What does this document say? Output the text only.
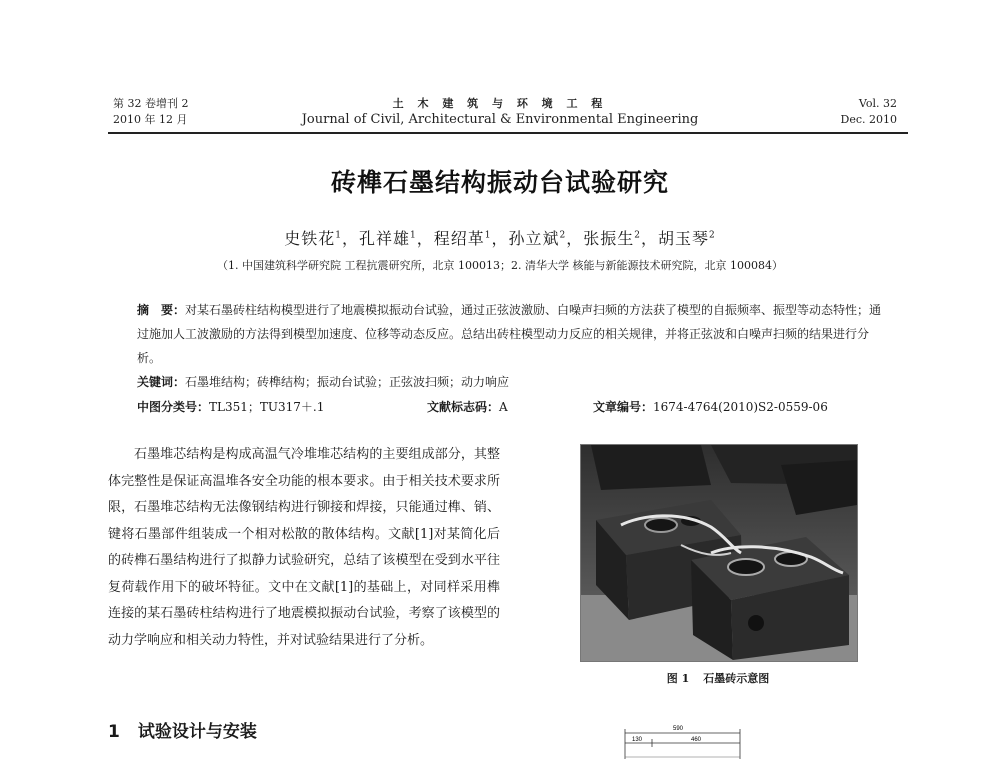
第 32 卷增刊 2
2010 年 12 月
土 木 建 筑 与 环 境 工 程
Journal of Civil, Architectural & Environmental Engineering
Vol. 32
Dec. 2010
砖榫石墨结构振动台试验研究
史铁花$^1$，孔祥雄$^1$，程绍革$^1$，孙立斌$^2$，张振生$^2$，胡玉琴$^2$
（1. 中国建筑科学研究院 工程抗震研究所，北京 100013；2. 清华大学 核能与新能源技术研究院，北京 100084）
摘　要：对某石墨砖柱结构模型进行了地震模拟振动台试验，通过正弦波激励、白噪声扫频的方法获了模型的自振频率、振型等动态特性；通过施加人工波激励的方法得到模型加速度、位移等动态反应。总结出砖柱模型动力反应的相关规律，并将正弦波和白噪声扫频的结果进行分析。
关键词：石墨堆结构；砖榫结构；振动台试验；正弦波扫频；动力响应
中图分类号：TL351；TU317＋.1	文献标志码：A	文章编号：1674-4764(2010)S2-0559-06

石墨堆芯结构是构成高温气冷堆堆芯结构的主要组成部分，其整体完整性是保证高温堆各安全功能的根本要求。由于相关技术要求所限，石墨堆芯结构无法像钢结构进行铆接和焊接，只能通过榫、销、键将石墨部件组装成一个相对松散的散体结构。文献[1]对某简化后的砖榫石墨结构进行了拟静力试验研究，总结了该模型在受到水平往复荷载作用下的破坏特征。文中在文献[1]的基础上，对同样采用榫连接的某石墨砖柱结构进行了地震模拟振动台试验，考察了该模型的动力学响应和相关动力特性，并对试验结果进行了分析。

1 试验设计与安装
图 1 石墨砖示意图
590
130	460
